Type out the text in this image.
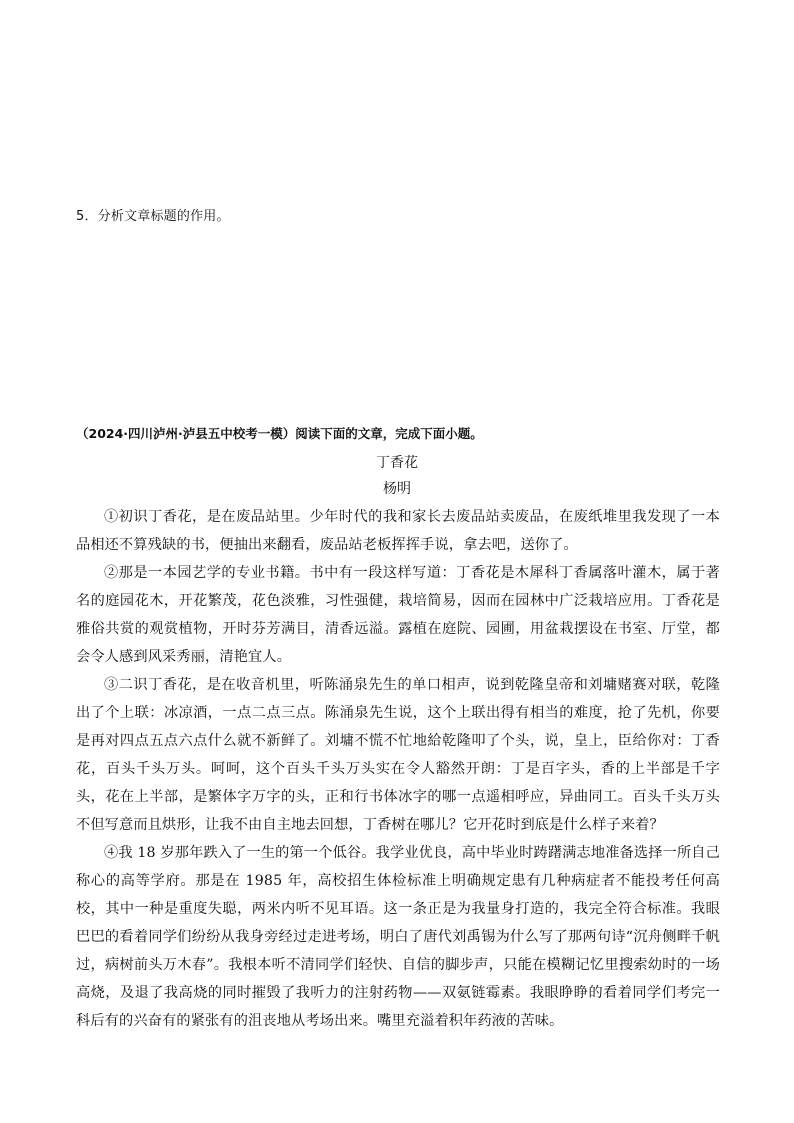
5．分析文章标题的作用。
（2024·四川泸州·泸县五中校考一模）阅读下面的文章，完成下面小题。
丁香花
杨明

①初识丁香花，是在废品站里。少年时代的我和家长去废品站卖废品，在废纸堆里我发现了一本品相还不算残缺的书，便抽出来翻看，废品站老板挥挥手说，拿去吧，送你了。

②那是一本园艺学的专业书籍。书中有一段这样写道：丁香花是木犀科丁香属落叶灌木，属于著名的庭园花木，开花繁茂，花色淡雅，习性强健，栽培简易，因而在园林中广泛栽培应用。丁香花是雅俗共赏的观赏植物，开时芬芳满目，清香远溢。露植在庭院、园圃，用盆栽摆设在书室、厅堂，都会令人感到风采秀丽，清艳宜人。

③二识丁香花，是在收音机里，听陈涌泉先生的单口相声，说到乾隆皇帝和刘墉赌赛对联，乾隆出了个上联：冰凉酒，一点二点三点。陈涌泉先生说，这个上联出得有相当的难度，抢了先机，你要是再对四点五点六点什么就不新鲜了。刘墉不慌不忙地給乾隆叩了个头，说，皇上，臣给你对：丁香花，百头千头万头。呵呵，这个百头千头万头实在令人豁然开朗：丁是百字头，香的上半部是千字头，花在上半部，是繁体字万字的头，正和行书体冰字的哪一点遥相呼应，异曲同工。百头千头万头不但写意而且烘形，让我不由自主地去回想，丁香树在哪儿？它开花时到底是什么样子来着？

④我 18 岁那年跌入了一生的第一个低谷。我学业优良，高中毕业时踌躇满志地准备选择一所自己称心的高等学府。那是在 1985 年，高校招生体检标准上明确规定患有几种病症者不能投考任何高校，其中一种是重度失聪，两米内听不见耳语。这一条正是为我量身打造的，我完全符合标准。我眼巴巴的看着同学们纷纷从我身旁经过走进考场，明白了唐代刘禹锡为什么写了那两句诗“沉舟侧畔千帆过，病树前头万木春”。我根本听不清同学们轻快、自信的脚步声，只能在模糊记忆里搜索幼时的一场高烧，及退了我高烧的同时摧毁了我听力的注射药物——双氨链霉素。我眼睁睁的看着同学们考完一科后有的兴奋有的紧张有的沮丧地从考场出来。嘴里充溢着积年药液的苦味。
